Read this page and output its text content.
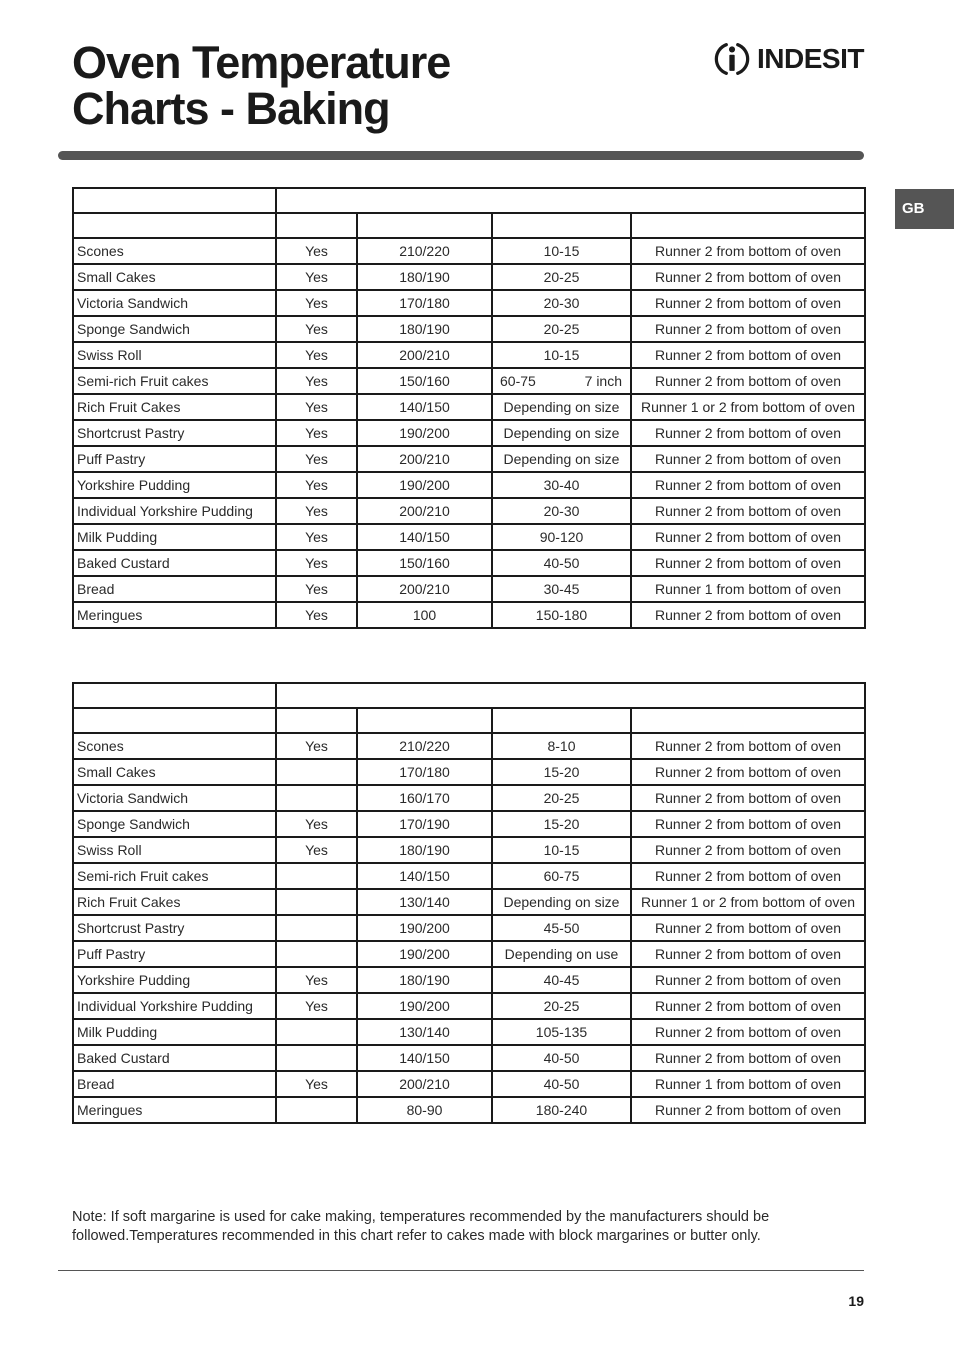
Oven Temperature
Charts - Baking
INDESIT
GB

Scones	Yes	210/220	10-15	Runner 2 from bottom of oven
Small Cakes	Yes	180/190	20-25	Runner 2 from bottom of oven
Victoria Sandwich	Yes	170/180	20-30	Runner 2 from bottom of oven
Sponge Sandwich	Yes	180/190	20-25	Runner 2 from bottom of oven
Swiss Roll	Yes	200/210	10-15	Runner 2 from bottom of oven
Semi-rich Fruit cakes	Yes	150/160	60-75 7 inch	Runner 2 from bottom of oven
Rich Fruit Cakes	Yes	140/150	Depending on size	Runner 1 or 2 from bottom of oven
Shortcrust Pastry	Yes	190/200	Depending on size	Runner 2 from bottom of oven
Puff Pastry	Yes	200/210	Depending on size	Runner 2 from bottom of oven
Yorkshire Pudding	Yes	190/200	30-40	Runner 2 from bottom of oven
Individual Yorkshire Pudding	Yes	200/210	20-30	Runner 2 from bottom of oven
Milk Pudding	Yes	140/150	90-120	Runner 2 from bottom of oven
Baked Custard	Yes	150/160	40-50	Runner 2 from bottom of oven
Bread	Yes	200/210	30-45	Runner 1 from bottom of oven
Meringues	Yes	100	150-180	Runner 2 from bottom of oven

Scones	Yes	210/220	8-10	Runner 2 from bottom of oven
Small Cakes		170/180	15-20	Runner 2 from bottom of oven
Victoria Sandwich		160/170	20-25	Runner 2 from bottom of oven
Sponge Sandwich	Yes	170/190	15-20	Runner 2 from bottom of oven
Swiss Roll	Yes	180/190	10-15	Runner 2 from bottom of oven
Semi-rich Fruit cakes		140/150	60-75	Runner 2 from bottom of oven
Rich Fruit Cakes		130/140	Depending on size	Runner 1 or 2 from bottom of oven
Shortcrust Pastry		190/200	45-50	Runner 2 from bottom of oven
Puff Pastry		190/200	Depending on use	Runner 2 from bottom of oven
Yorkshire Pudding	Yes	180/190	40-45	Runner 2 from bottom of oven
Individual Yorkshire Pudding	Yes	190/200	20-25	Runner 2 from bottom of oven
Milk Pudding		130/140	105-135	Runner 2 from bottom of oven
Baked Custard		140/150	40-50	Runner 2 from bottom of oven
Bread	Yes	200/210	40-50	Runner 1 from bottom of oven
Meringues		80-90	180-240	Runner 2 from bottom of oven

Note: If soft margarine is used for cake making, temperatures recommended by the manufacturers should be followed.Temperatures recommended in this chart refer to cakes made with block margarines or butter only.

19
